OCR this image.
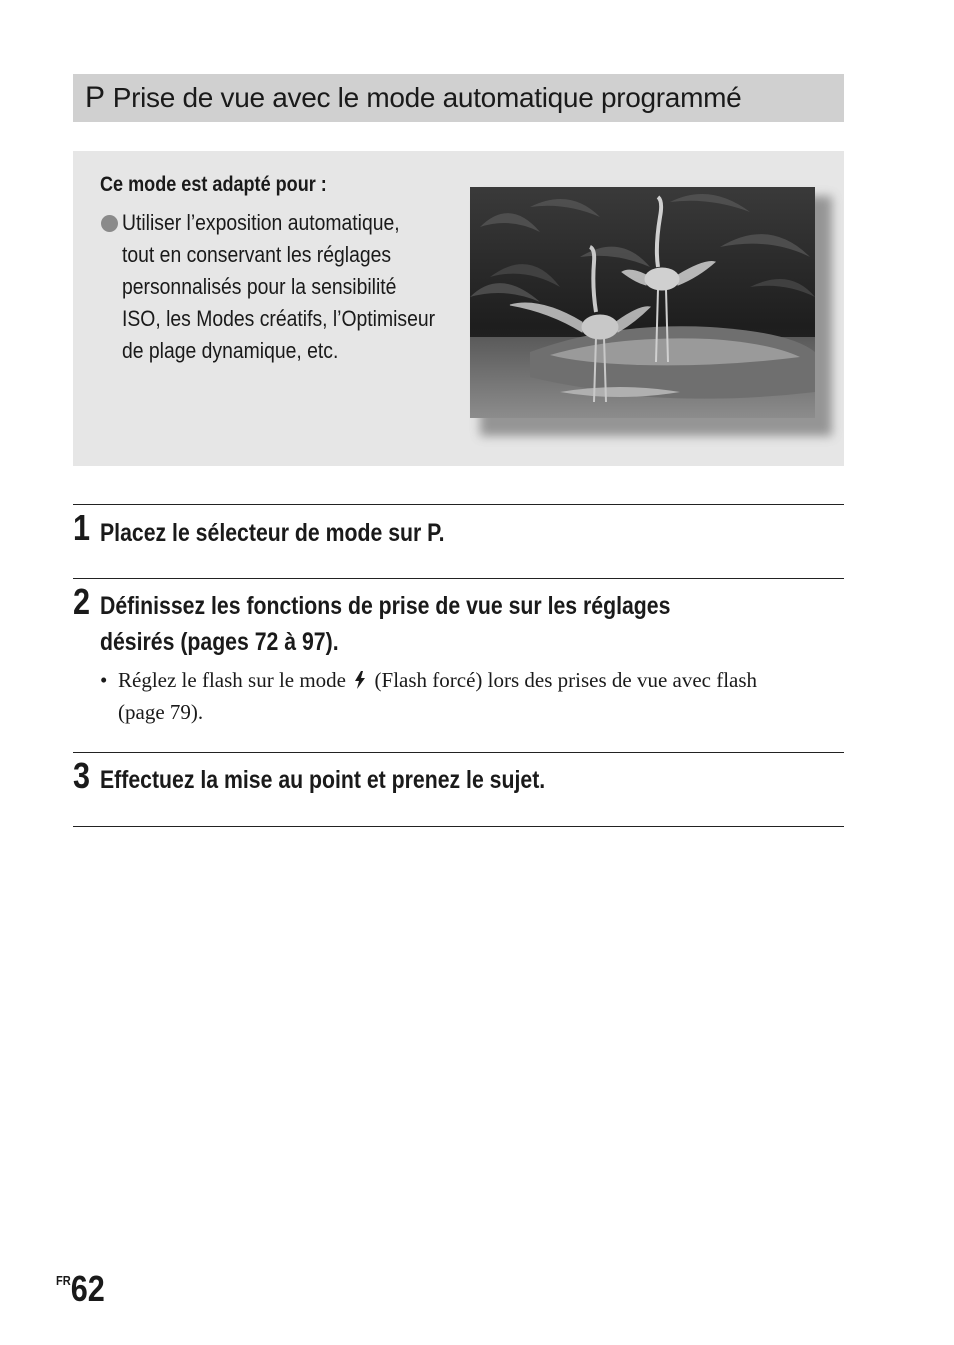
P Prise de vue avec le mode automatique programmé
Ce mode est adapté pour :
Utiliser l’exposition automatique,
tout en conservant les réglages
personnalisés pour la sensibilité
ISO, les Modes créatifs, l’Optimiseur
de plage dynamique, etc.
1 Placez le sélecteur de mode sur P.
2 Définissez les fonctions de prise de vue sur les réglages
désirés (pages 72 à 97).
• Réglez le flash sur le mode (Flash forcé) lors des prises de vue avec flash
(page 79).
3 Effectuez la mise au point et prenez le sujet.
$^{FR}$62
